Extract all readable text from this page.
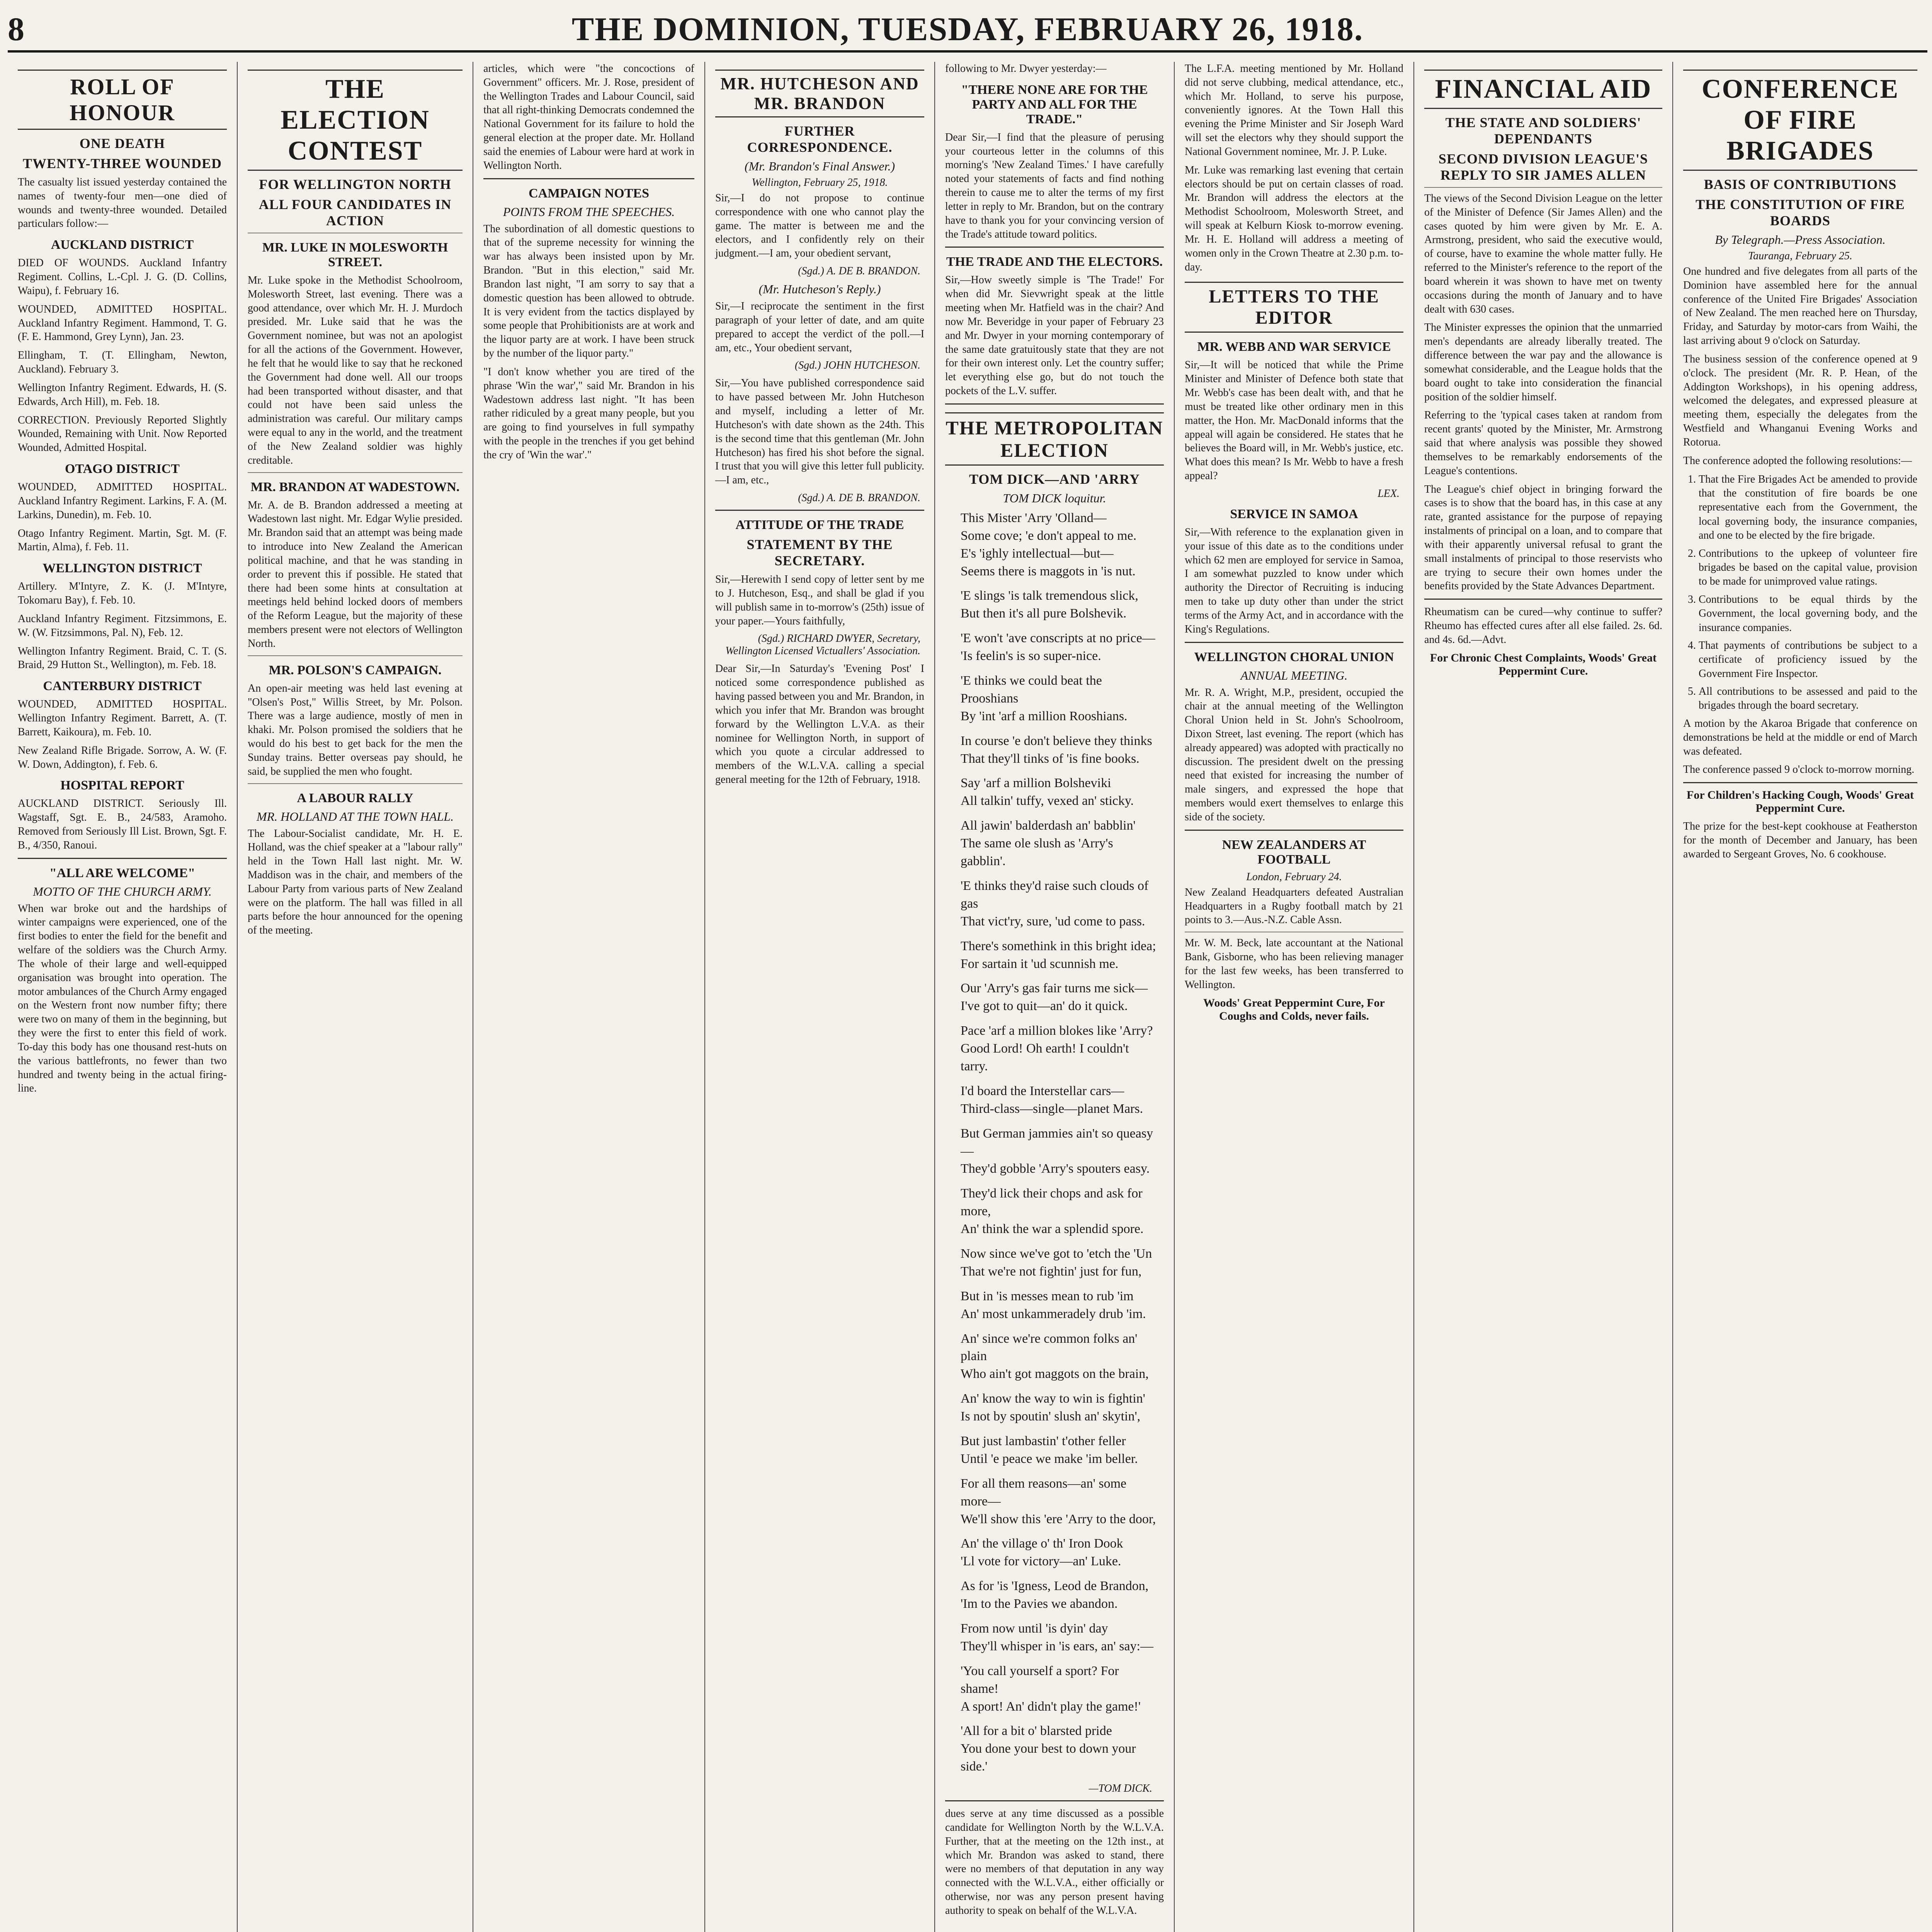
8	THE DOMINION, TUESDAY, FEBRUARY 26, 1918.
ROLL OF HONOUR
ONE DEATH
TWENTY-THREE WOUNDED

The casualty list issued yesterday contained the names of twenty-four men—one died of wounds and twenty-three wounded. Detailed particulars follow:—

AUCKLAND DISTRICT

DIED OF WOUNDS. Auckland Infantry Regiment. Collins, L.-Cpl. J. G. (D. Collins, Waipu), f. February 16.

WOUNDED, ADMITTED HOSPITAL. Auckland Infantry Regiment. Hammond, T. G. (F. E. Hammond, Grey Lynn), Jan. 23.

Ellingham, T. (T. Ellingham, Newton, Auckland). February 3.

Wellington Infantry Regiment. Edwards, H. (S. Edwards, Arch Hill), m. Feb. 18.

CORRECTION. Previously Reported Slightly Wounded, Remaining with Unit. Now Reported Wounded, Admitted Hospital.

OTAGO DISTRICT

WOUNDED, ADMITTED HOSPITAL. Auckland Infantry Regiment. Larkins, F. A. (M. Larkins, Dunedin), m. Feb. 10.

Otago Infantry Regiment. Martin, Sgt. M. (F. Martin, Alma), f. Feb. 11.

WELLINGTON DISTRICT

Artillery. M'Intyre, Z. K. (J. M'Intyre, Tokomaru Bay), f. Feb. 10.

Auckland Infantry Regiment. Fitzsimmons, E. W. (W. Fitzsimmons, Pal. N), Feb. 12.

Wellington Infantry Regiment. Braid, C. T. (S. Braid, 29 Hutton St., Wellington), m. Feb. 18.

CANTERBURY DISTRICT

WOUNDED, ADMITTED HOSPITAL. Wellington Infantry Regiment. Barrett, A. (T. Barrett, Kaikoura), m. Feb. 10.

New Zealand Rifle Brigade. Sorrow, A. W. (F. W. Down, Addington), f. Feb. 6.

HOSPITAL REPORT

AUCKLAND DISTRICT. Seriously Ill. Wagstaff, Sgt. E. B., 24/583, Aramoho. Removed from Seriously Ill List. Brown, Sgt. F. B., 4/350, Ranoui.

"ALL ARE WELCOME"
MOTTO OF THE CHURCH ARMY.

When war broke out and the hardships of winter campaigns were experienced, one of the first bodies to enter the field for the benefit and welfare of the soldiers was the Church Army. The whole of their large and well-equipped organisation was brought into operation. The motor ambulances of the Church Army engaged on the Western front now number fifty; there were two on many of them in the beginning, but they were the first to enter this field of work. To-day this body has one thousand rest-huts on the various battlefronts, no fewer than two hundred and twenty being in the actual firing-line.

THE ELECTION CONTEST
FOR WELLINGTON NORTH
ALL FOUR CANDIDATES IN ACTION
MR. LUKE IN MOLESWORTH STREET.

Mr. Luke spoke in the Methodist Schoolroom, Molesworth Street, last evening. There was a good attendance, over which Mr. H. J. Murdoch presided. Mr. Luke said that he was the Government nominee, but was not an apologist for all the actions of the Government. However, he felt that he would like to say that he reckoned the Government had done well. All our troops had been transported without disaster, and that could not have been said unless the administration was careful. Our military camps were equal to any in the world, and the treatment of the New Zealand soldier was highly creditable.

MR. BRANDON AT WADESTOWN.

Mr. A. de B. Brandon addressed a meeting at Wadestown last night. Mr. Edgar Wylie presided. Mr. Brandon said that an attempt was being made to introduce into New Zealand the American political machine, and that he was standing in order to prevent this if possible. He stated that there had been some hints at consultation at meetings held behind locked doors of members of the Reform League, but the majority of these members present were not electors of Wellington North.

MR. POLSON'S CAMPAIGN.

An open-air meeting was held last evening at "Olsen's Post," Willis Street, by Mr. Polson. There was a large audience, mostly of men in khaki. Mr. Polson promised the soldiers that he would do his best to get back for the men the Sunday trains. Better overseas pay should, he said, be supplied the men who fought.

A LABOUR RALLY
MR. HOLLAND AT THE TOWN HALL.

The Labour-Socialist candidate, Mr. H. E. Holland, was the chief speaker at a "labour rally" held in the Town Hall last night. Mr. W. Maddison was in the chair, and members of the Labour Party from various parts of New Zealand were on the platform. The hall was filled in all parts before the hour announced for the opening of the meeting.

articles, which were "the concoctions of Government" officers. Mr. J. Rose, president of the Wellington Trades and Labour Council, said that all right-thinking Democrats condemned the National Government for its failure to hold the general election at the proper date. Mr. Holland said the enemies of Labour were hard at work in Wellington North.

CAMPAIGN NOTES
POINTS FROM THE SPEECHES.

The subordination of all domestic questions to that of the supreme necessity for winning the war has always been insisted upon by Mr. Brandon. "But in this election," said Mr. Brandon last night, "I am sorry to say that a domestic question has been allowed to obtrude. It is very evident from the tactics displayed by some people that Prohibitionists are at work and the liquor party are at work. I have been struck by the number of the liquor party."

"I don't know whether you are tired of the phrase 'Win the war'," said Mr. Brandon in his Wadestown address last night. "It has been rather ridiculed by a great many people, but you are going to find yourselves in full sympathy with the people in the trenches if you get behind the cry of 'Win the war'."

MR. HUTCHESON AND MR. BRANDON
FURTHER CORRESPONDENCE.
(Mr. Brandon's Final Answer.)
Wellington, February 25, 1918.

Sir,—I do not propose to continue correspondence with one who cannot play the game. The matter is between me and the electors, and I confidently rely on their judgment.—I am, your obedient servant,

(Sgd.) A. DE B. BRANDON.
(Mr. Hutcheson's Reply.)

Sir,—I reciprocate the sentiment in the first paragraph of your letter of date, and am quite prepared to accept the verdict of the poll.—I am, etc., Your obedient servant,

(Sgd.) JOHN HUTCHESON.

Sir,—You have published correspondence said to have passed between Mr. John Hutcheson and myself, including a letter of Mr. Hutcheson's with date shown as the 24th. This is the second time that this gentleman (Mr. John Hutcheson) has fired his shot before the signal. I trust that you will give this letter full publicity.—I am, etc.,

(Sgd.) A. DE B. BRANDON.
ATTITUDE OF THE TRADE
STATEMENT BY THE SECRETARY.

Sir,—Herewith I send copy of letter sent by me to J. Hutcheson, Esq., and shall be glad if you will publish same in to-morrow's (25th) issue of your paper.—Yours faithfully,

(Sgd.) RICHARD DWYER, Secretary, Wellington Licensed Victuallers' Association.

Dear Sir,—In Saturday's 'Evening Post' I noticed some correspondence published as having passed between you and Mr. Brandon, in which you infer that Mr. Brandon was brought forward by the Wellington L.V.A. as their nominee for Wellington North, in support of which you quote a circular addressed to members of the W.L.V.A. calling a special general meeting for the 12th of February, 1918.

following to Mr. Dwyer yesterday:—

"THERE NONE ARE FOR THE PARTY AND ALL FOR THE TRADE."

Dear Sir,—I find that the pleasure of perusing your courteous letter in the columns of this morning's 'New Zealand Times.' I have carefully noted your statements of facts and find nothing therein to cause me to alter the terms of my first letter in reply to Mr. Brandon, but on the contrary have to thank you for your convincing version of the Trade's attitude toward politics.

THE TRADE AND THE ELECTORS.

Sir,—How sweetly simple is 'The Trade!' For when did Mr. Sievwright speak at the little meeting when Mr. Hatfield was in the chair? And now Mr. Beveridge in your paper of February 23 and Mr. Dwyer in your morning contemporary of the same date gratuitously state that they are not for their own interest only. Let the country suffer; let everything else go, but do not touch the pockets of the L.V. suffer.

THE METROPOLITAN ELECTION
TOM DICK—AND 'ARRY
TOM DICK loquitur.
This Mister 'Arry 'Olland—
Some cove; 'e don't appeal to me.
E's 'ighly intellectual—but—
Seems there is maggots in 'is nut.
'E slings 'is talk tremendous slick,
But then it's all pure Bolshevik.
'E won't 'ave conscripts at no price—
'Is feelin's is so super-nice.
'E thinks we could beat the Prooshians
By 'int 'arf a million Rooshians.
In course 'e don't believe they thinks
That they'll tinks of 'is fine books.
Say 'arf a million Bolsheviki
All talkin' tuffy, vexed an' sticky.
All jawin' balderdash an' babblin'
The same ole slush as 'Arry's gabblin'.
'E thinks they'd raise such clouds of gas
That vict'ry, sure, 'ud come to pass.
There's somethink in this bright idea;
For sartain it 'ud scunnish me.
Our 'Arry's gas fair turns me sick—
I've got to quit—an' do it quick.
Pace 'arf a million blokes like 'Arry?
Good Lord! Oh earth! I couldn't tarry.
I'd board the Interstellar cars—
Third-class—single—planet Mars.
But German jammies ain't so queasy—
They'd gobble 'Arry's spouters easy.
They'd lick their chops and ask for more,
An' think the war a splendid spore.
Now since we've got to 'etch the 'Un
That we're not fightin' just for fun,
But in 'is messes mean to rub 'im
An' most unkammeradely drub 'im.
An' since we're common folks an' plain
Who ain't got maggots on the brain,
An' know the way to win is fightin'
Is not by spoutin' slush an' skytin',
But just lambastin' t'other feller
Until 'e peace we make 'im beller.
For all them reasons—an' some more—
We'll show this 'ere 'Arry to the door,
An' the village o' th' Iron Dook
'Ll vote for victory—an' Luke.
As for 'is 'Igness, Leod de Brandon,
'Im to the Pavies we abandon.
From now until 'is dyin' day
They'll whisper in 'is ears, an' say:—
'You call yourself a sport? For shame!
A sport! An' didn't play the game!'
'All for a bit o' blarsted pride
You done your best to down your side.'
—TOM DICK.

dues serve at any time discussed as a possible candidate for Wellington North by the W.L.V.A. Further, that at the meeting on the 12th inst., at which Mr. Brandon was asked to stand, there were no members of that deputation in any way connected with the W.L.V.A., either officially or otherwise, nor was any person present having authority to speak on behalf of the W.L.V.A.

The L.F.A. meeting mentioned by Mr. Holland did not serve clubbing, medical attendance, etc., which Mr. Holland, to serve his purpose, conveniently ignores. At the Town Hall this evening the Prime Minister and Sir Joseph Ward will set the electors why they should support the National Government nominee, Mr. J. P. Luke.

Mr. Luke was remarking last evening that certain electors should be put on certain classes of road. Mr. Brandon will address the electors at the Methodist Schoolroom, Molesworth Street, and will speak at Kelburn Kiosk to-morrow evening. Mr. H. E. Holland will address a meeting of women only in the Crown Theatre at 2.30 p.m. to-day.

LETTERS TO THE EDITOR
MR. WEBB AND WAR SERVICE

Sir,—It will be noticed that while the Prime Minister and Minister of Defence both state that Mr. Webb's case has been dealt with, and that he must be treated like other ordinary men in this matter, the Hon. Mr. MacDonald informs that the appeal will again be considered. He states that he believes the Board will, in Mr. Webb's justice, etc. What does this mean? Is Mr. Webb to have a fresh appeal?

LEX.
SERVICE IN SAMOA

Sir,—With reference to the explanation given in your issue of this date as to the conditions under which 62 men are employed for service in Samoa, I am somewhat puzzled to know under which authority the Director of Recruiting is inducing men to take up duty other than under the strict terms of the Army Act, and in accordance with the King's Regulations.

WELLINGTON CHORAL UNION
ANNUAL MEETING.

Mr. R. A. Wright, M.P., president, occupied the chair at the annual meeting of the Wellington Choral Union held in St. John's Schoolroom, Dixon Street, last evening. The report (which has already appeared) was adopted with practically no discussion. The president dwelt on the pressing need that existed for increasing the number of male singers, and expressed the hope that members would exert themselves to enlarge this side of the society.

NEW ZEALANDERS AT FOOTBALL
London, February 24.

New Zealand Headquarters defeated Australian Headquarters in a Rugby football match by 21 points to 3.—Aus.-N.Z. Cable Assn.

Mr. W. M. Beck, late accountant at the National Bank, Gisborne, who has been relieving manager for the last few weeks, has been transferred to Wellington.

Woods' Great Peppermint Cure, For Coughs and Colds, never fails.
FINANCIAL AID
THE STATE AND SOLDIERS' DEPENDANTS
SECOND DIVISION LEAGUE'S REPLY TO SIR JAMES ALLEN

The views of the Second Division League on the letter of the Minister of Defence (Sir James Allen) and the cases quoted by him were given by Mr. E. A. Armstrong, president, who said the executive would, of course, have to examine the whole matter fully. He referred to the Minister's reference to the report of the board wherein it was shown to have met on twenty occasions during the month of January and to have dealt with 630 cases.

The Minister expresses the opinion that the unmarried men's dependants are already liberally treated. The difference between the war pay and the allowance is somewhat considerable, and the League holds that the board ought to take into consideration the financial position of the soldier himself.

Referring to the 'typical cases taken at random from recent grants' quoted by the Minister, Mr. Armstrong said that where analysis was possible they showed themselves to be remarkably endorsements of the League's contentions.

The League's chief object in bringing forward the cases is to show that the board has, in this case at any rate, granted assistance for the purpose of repaying instalments of principal on a loan, and to compare that with their apparently universal refusal to grant the small instalments of principal to those reservists who are trying to secure their own homes under the benefits provided by the State Advances Department.

Rheumatism can be cured—why continue to suffer? Rheumo has effected cures after all else failed. 2s. 6d. and 4s. 6d.—Advt.

For Chronic Chest Complaints, Woods' Great Peppermint Cure.
CONFERENCE OF FIRE BRIGADES
BASIS OF CONTRIBUTIONS
THE CONSTITUTION OF FIRE BOARDS
By Telegraph.—Press Association.
Tauranga, February 25.

One hundred and five delegates from all parts of the Dominion have assembled here for the annual conference of the United Fire Brigades' Association of New Zealand. The men reached here on Thursday, Friday, and Saturday by motor-cars from Waihi, the last arriving about 9 o'clock on Saturday.

The business session of the conference opened at 9 o'clock. The president (Mr. R. P. Hean, of the Addington Workshops), in his opening address, welcomed the delegates, and expressed pleasure at meeting them, especially the delegates from the Westfield and Whanganui Evening Works and Rotorua.

The conference adopted the following resolutions:—

1. That the Fire Brigades Act be amended to provide that the constitution of fire boards be one representative each from the Government, the local governing body, the insurance companies, and one to be elected by the fire brigade.
2. Contributions to the upkeep of volunteer fire brigades be based on the capital value, provision to be made for unimproved value ratings.
3. Contributions to be equal thirds by the Government, the local governing body, and the insurance companies.
4. That payments of contributions be subject to a certificate of proficiency issued by the Government Fire Inspector.
5. All contributions to be assessed and paid to the brigades through the board secretary.

A motion by the Akaroa Brigade that conference on demonstrations be held at the middle or end of March was defeated.

The conference passed 9 o'clock to-morrow morning.

For Children's Hacking Cough, Woods' Great Peppermint Cure.

The prize for the best-kept cookhouse at Featherston for the month of December and January, has been awarded to Sergeant Groves, No. 6 cookhouse.
